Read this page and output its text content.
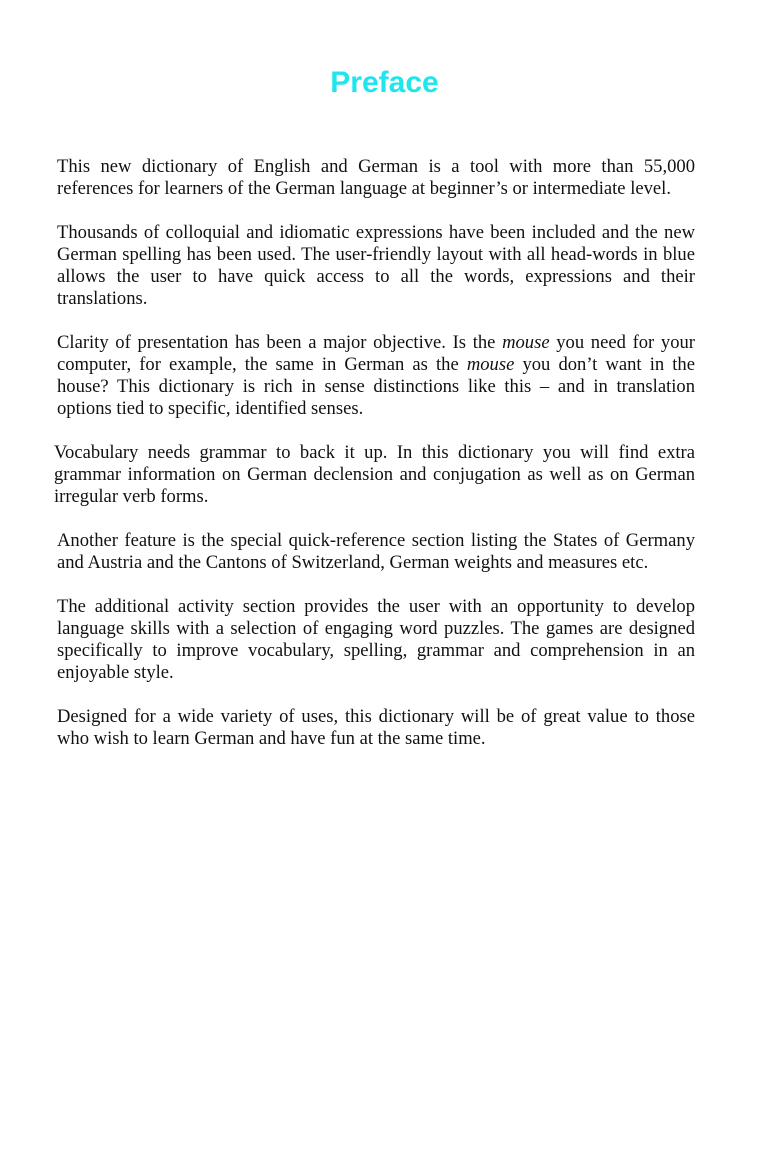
Preface

This new dictionary of English and German is a tool with more than 55,000 references for learners of the German language at beginner’s or intermediate level.

Thousands of colloquial and idiomatic expressions have been included and the new German spelling has been used. The user-friendly layout with all head-words in blue allows the user to have quick access to all the words, expressions and their translations.

Clarity of presentation has been a major objective. Is the mouse you need for your computer, for example, the same in German as the mouse you don’t want in the house? This dictionary is rich in sense distinctions like this – and in translation options tied to specific, identified senses.

Vocabulary needs grammar to back it up. In this dictionary you will find extra grammar information on German declension and conjugation as well as on German irregular verb forms.

Another feature is the special quick-reference section listing the States of Germany and Austria and the Cantons of Switzerland, German weights and measures etc.

The additional activity section provides the user with an opportunity to develop language skills with a selection of engaging word puzzles. The games are designed specifically to improve vocabulary, spelling, grammar and comprehension in an enjoyable style.

Designed for a wide variety of uses, this dictionary will be of great value to those who wish to learn German and have fun at the same time.
